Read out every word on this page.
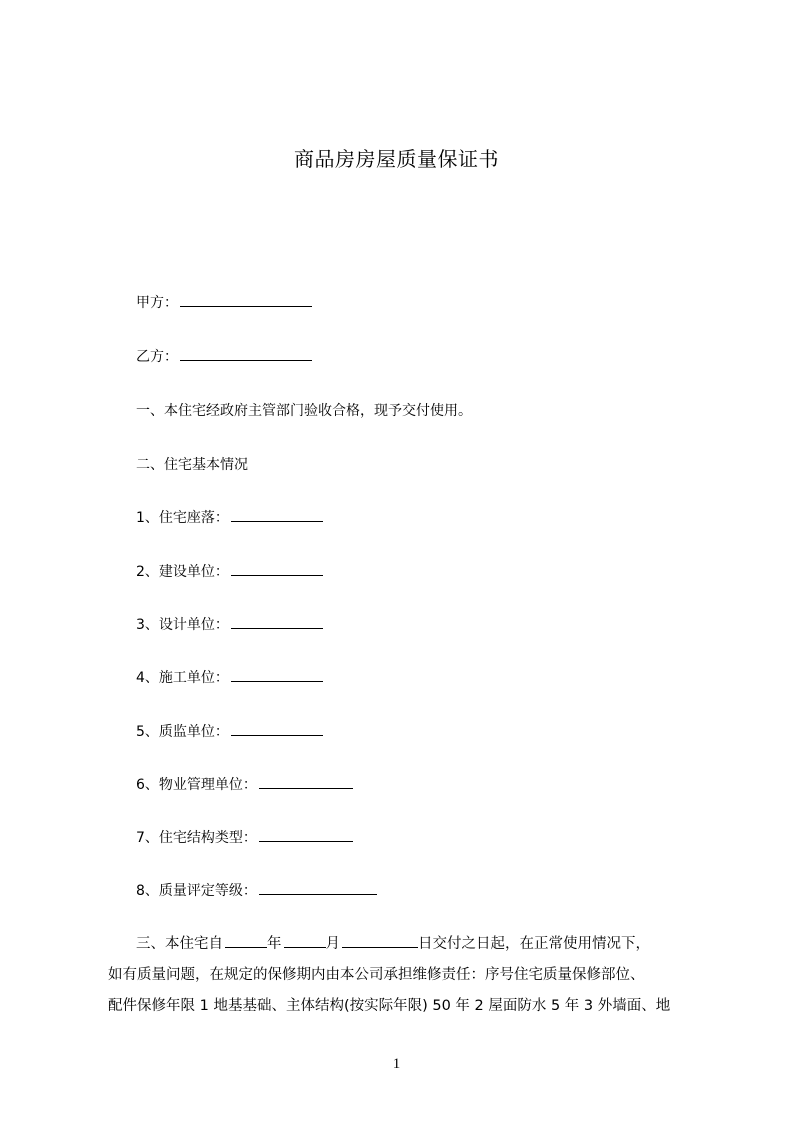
商品房房屋质量保证书
甲方：
乙方：
一、本住宅经政府主管部门验收合格，现予交付使用。
二、住宅基本情况
1、住宅座落：
2、建设单位：
3、设计单位：
4、施工单位：
5、质监单位：
6、物业管理单位：
7、住宅结构类型：
8、质量评定等级：
三、本住宅自	年	月	日交付之日起，在正常使用情况下，
如有质量问题，在规定的保修期内由本公司承担维修责任：序号住宅质量保修部位、
配件保修年限 1 地基基础、主体结构(按实际年限) 50 年 2 屋面防水 5 年 3 外墙面、地
1
